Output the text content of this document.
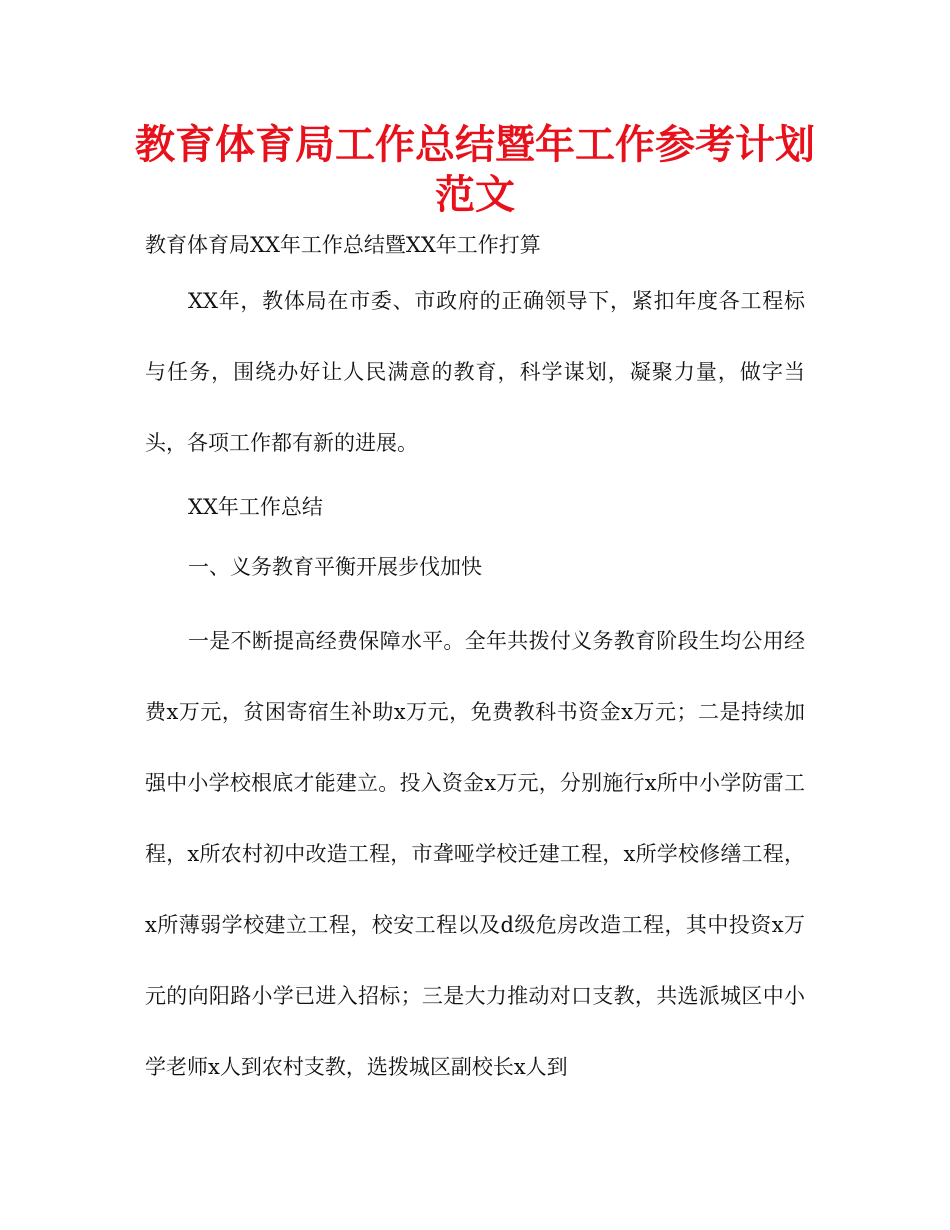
教育体育局工作总结暨年工作参考计划范文

教育体育局XX年工作总结暨XX年工作打算

XX年，教体局在市委、市政府的正确领导下，紧扣年度各工程标与任务，围绕办好让人民满意的教育，科学谋划，凝聚力量，做字当头，各项工作都有新的进展。

XX年工作总结

一、义务教育平衡开展步伐加快

一是不断提高经费保障水平。全年共拨付义务教育阶段生均公用经费x万元，贫困寄宿生补助x万元，免费教科书资金x万元；二是持续加强中小学校根底才能建立。投入资金x万元，分别施行x所中小学防雷工程，x所农村初中改造工程，市聋哑学校迁建工程，x所学校修缮工程，x所薄弱学校建立工程，校安工程以及d级危房改造工程，其中投资x万元的向阳路小学已进入招标；三是大力推动对口支教，共选派城区中小学老师x人到农村支教，选拨城区副校长x人到
